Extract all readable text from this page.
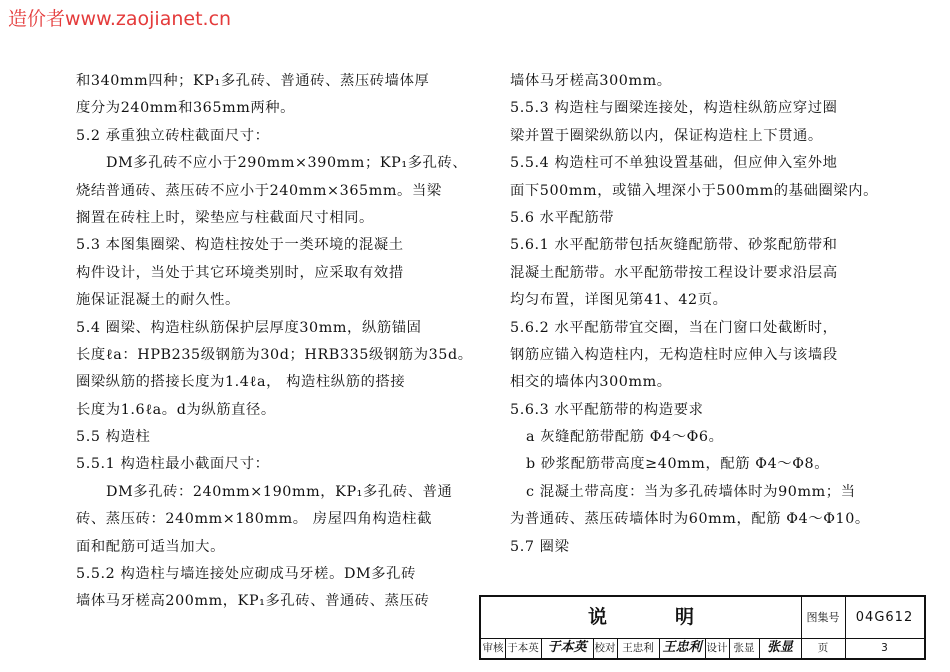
造价者www.zaojianet.cn
和340mm四种；KP₁多孔砖、普通砖、蒸压砖墙体厚
度分为240mm和365mm两种。
5.2 承重独立砖柱截面尺寸：
DM多孔砖不应小于290mm×390mm；KP₁多孔砖、
烧结普通砖、蒸压砖不应小于240mm×365mm。当梁
搁置在砖柱上时，梁垫应与柱截面尺寸相同。
5.3 本图集圈梁、构造柱按处于一类环境的混凝土
构件设计，当处于其它环境类别时，应采取有效措
施保证混凝土的耐久性。
5.4 圈梁、构造柱纵筋保护层厚度30mm，纵筋锚固
长度ℓa：HPB235级钢筋为30d；HRB335级钢筋为35d。
圈梁纵筋的搭接长度为1.4ℓa， 构造柱纵筋的搭接
长度为1.6ℓa。d为纵筋直径。
5.5 构造柱
5.5.1 构造柱最小截面尺寸：
DM多孔砖：240mm×190mm，KP₁多孔砖、普通
砖、蒸压砖：240mm×180mm。 房屋四角构造柱截
面和配筋可适当加大。
5.5.2 构造柱与墙连接处应砌成马牙槎。DM多孔砖
墙体马牙槎高200mm，KP₁多孔砖、普通砖、蒸压砖
墙体马牙槎高300mm。
5.5.3 构造柱与圈梁连接处，构造柱纵筋应穿过圈
梁并置于圈梁纵筋以内，保证构造柱上下贯通。
5.5.4 构造柱可不单独设置基础，但应伸入室外地
面下500mm，或锚入埋深小于500mm的基础圈梁内。
5.6 水平配筋带
5.6.1 水平配筋带包括灰缝配筋带、砂浆配筋带和
混凝土配筋带。水平配筋带按工程设计要求沿层高
均匀布置，详图见第41、42页。
5.6.2 水平配筋带宜交圈，当在门窗口处截断时，
钢筋应锚入构造柱内，无构造柱时应伸入与该墙段
相交的墙体内300mm。
5.6.3 水平配筋带的构造要求
a 灰缝配筋带配筋 Φ4～Φ6。
b 砂浆配筋带高度≥40mm，配筋 Φ4～Φ8。
c 混凝土带高度：当为多孔砖墙体时为90mm；当
为普通砖、蒸压砖墙体时为60mm，配筋 Φ4～Φ10。
5.7 圈梁
说明	图集号	04G612
审核 于本英 于本英 校对 王忠利 王忠利 设计 张显 张显	页	3
